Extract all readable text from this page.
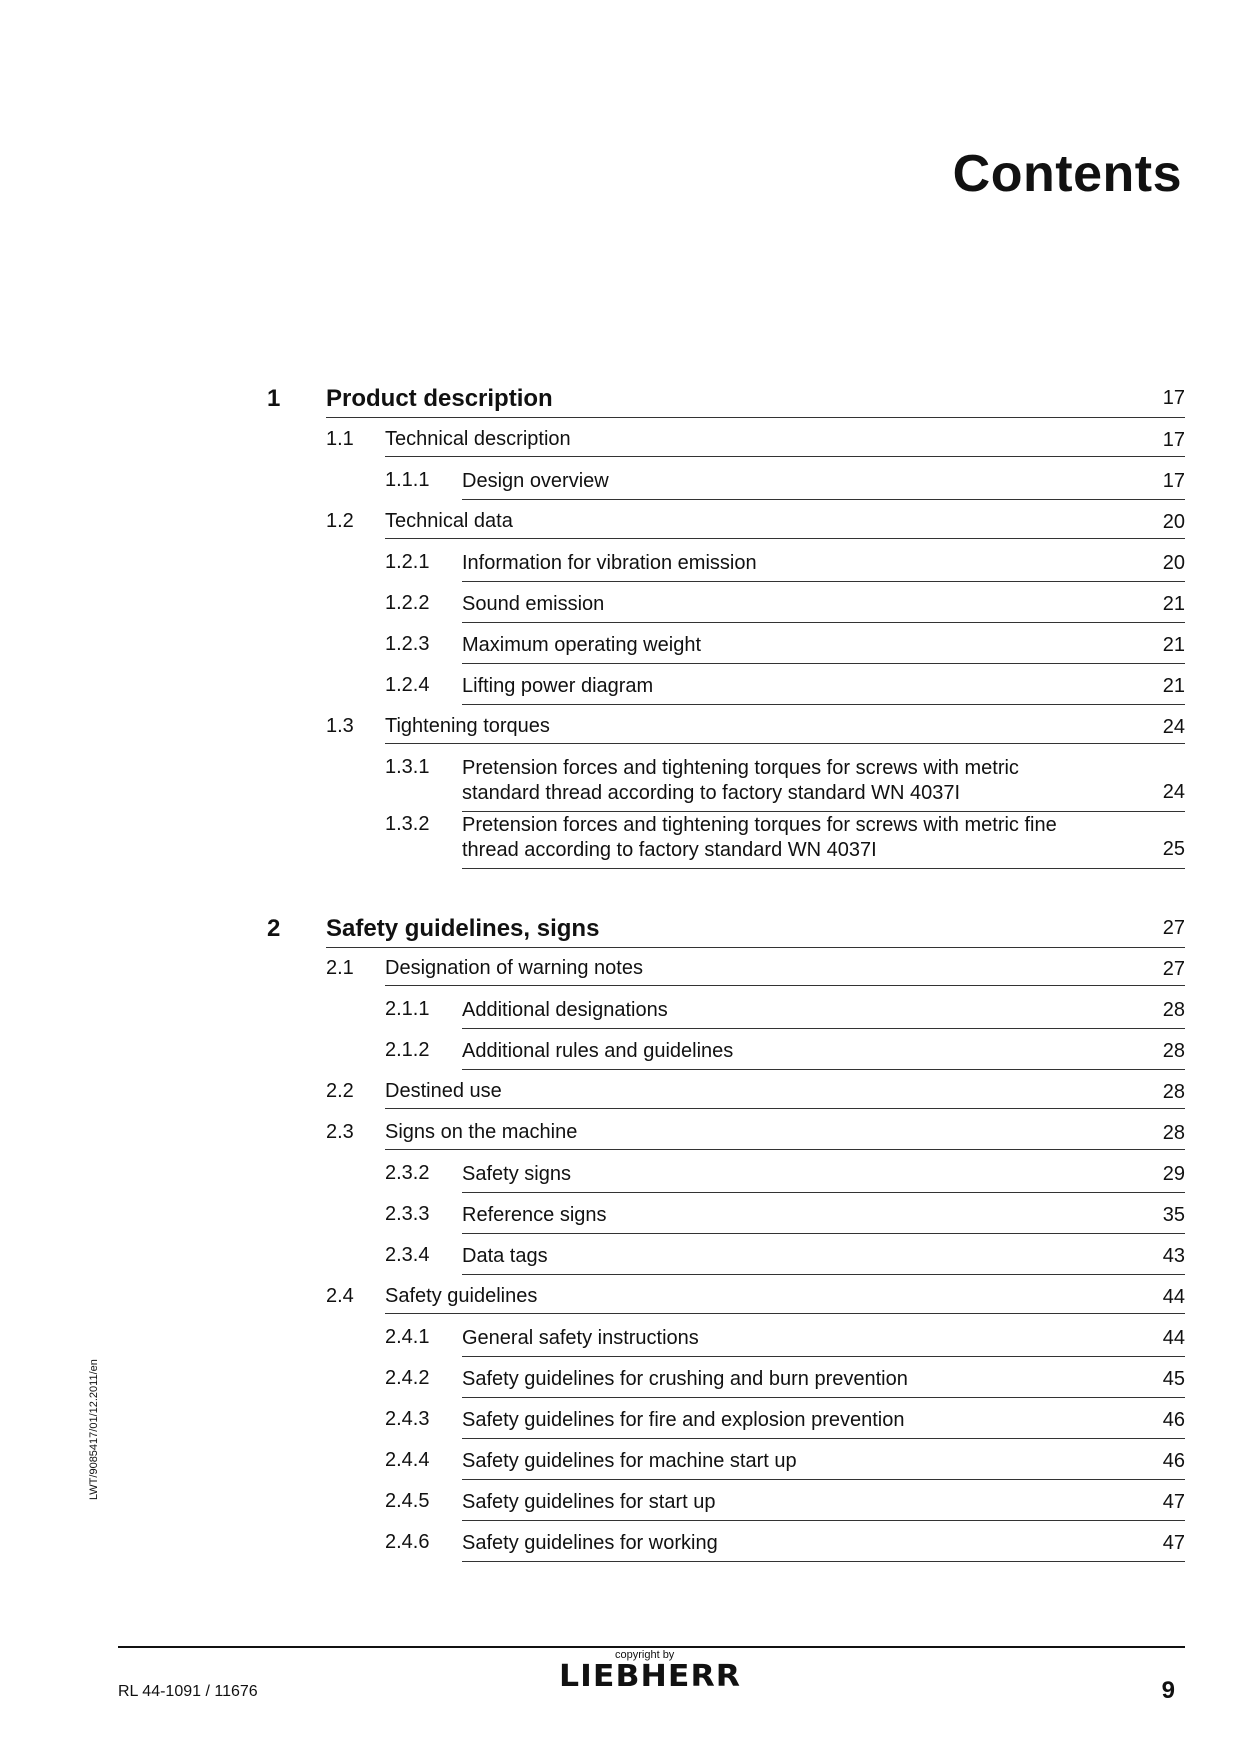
Contents
1 Product description	17
1.1 Technical description	17
1.1.1 Design overview	17
1.2 Technical data	20
1.2.1 Information for vibration emission	20
1.2.2 Sound emission	21
1.2.3 Maximum operating weight	21
1.2.4 Lifting power diagram	21
1.3 Tightening torques	24
1.3.1 Pretension forces and tightening torques for screws with metric standard thread according to factory standard WN 4037I	24
1.3.2 Pretension forces and tightening torques for screws with metric fine thread according to factory standard WN 4037I	25
2 Safety guidelines, signs	27
2.1 Designation of warning notes	27
2.1.1 Additional designations	28
2.1.2 Additional rules and guidelines	28
2.2 Destined use	28
2.3 Signs on the machine	28
2.3.2 Safety signs	29
2.3.3 Reference signs	35
2.3.4 Data tags	43
2.4 Safety guidelines	44
2.4.1 General safety instructions	44
2.4.2 Safety guidelines for crushing and burn prevention	45
2.4.3 Safety guidelines for fire and explosion prevention	46
2.4.4 Safety guidelines for machine start up	46
2.4.5 Safety guidelines for start up	47
2.4.6 Safety guidelines for working	47
LWT/9085417/01/12.2011/en
RL 44-1091 / 11676
copyright by
LIEBHERR	9
